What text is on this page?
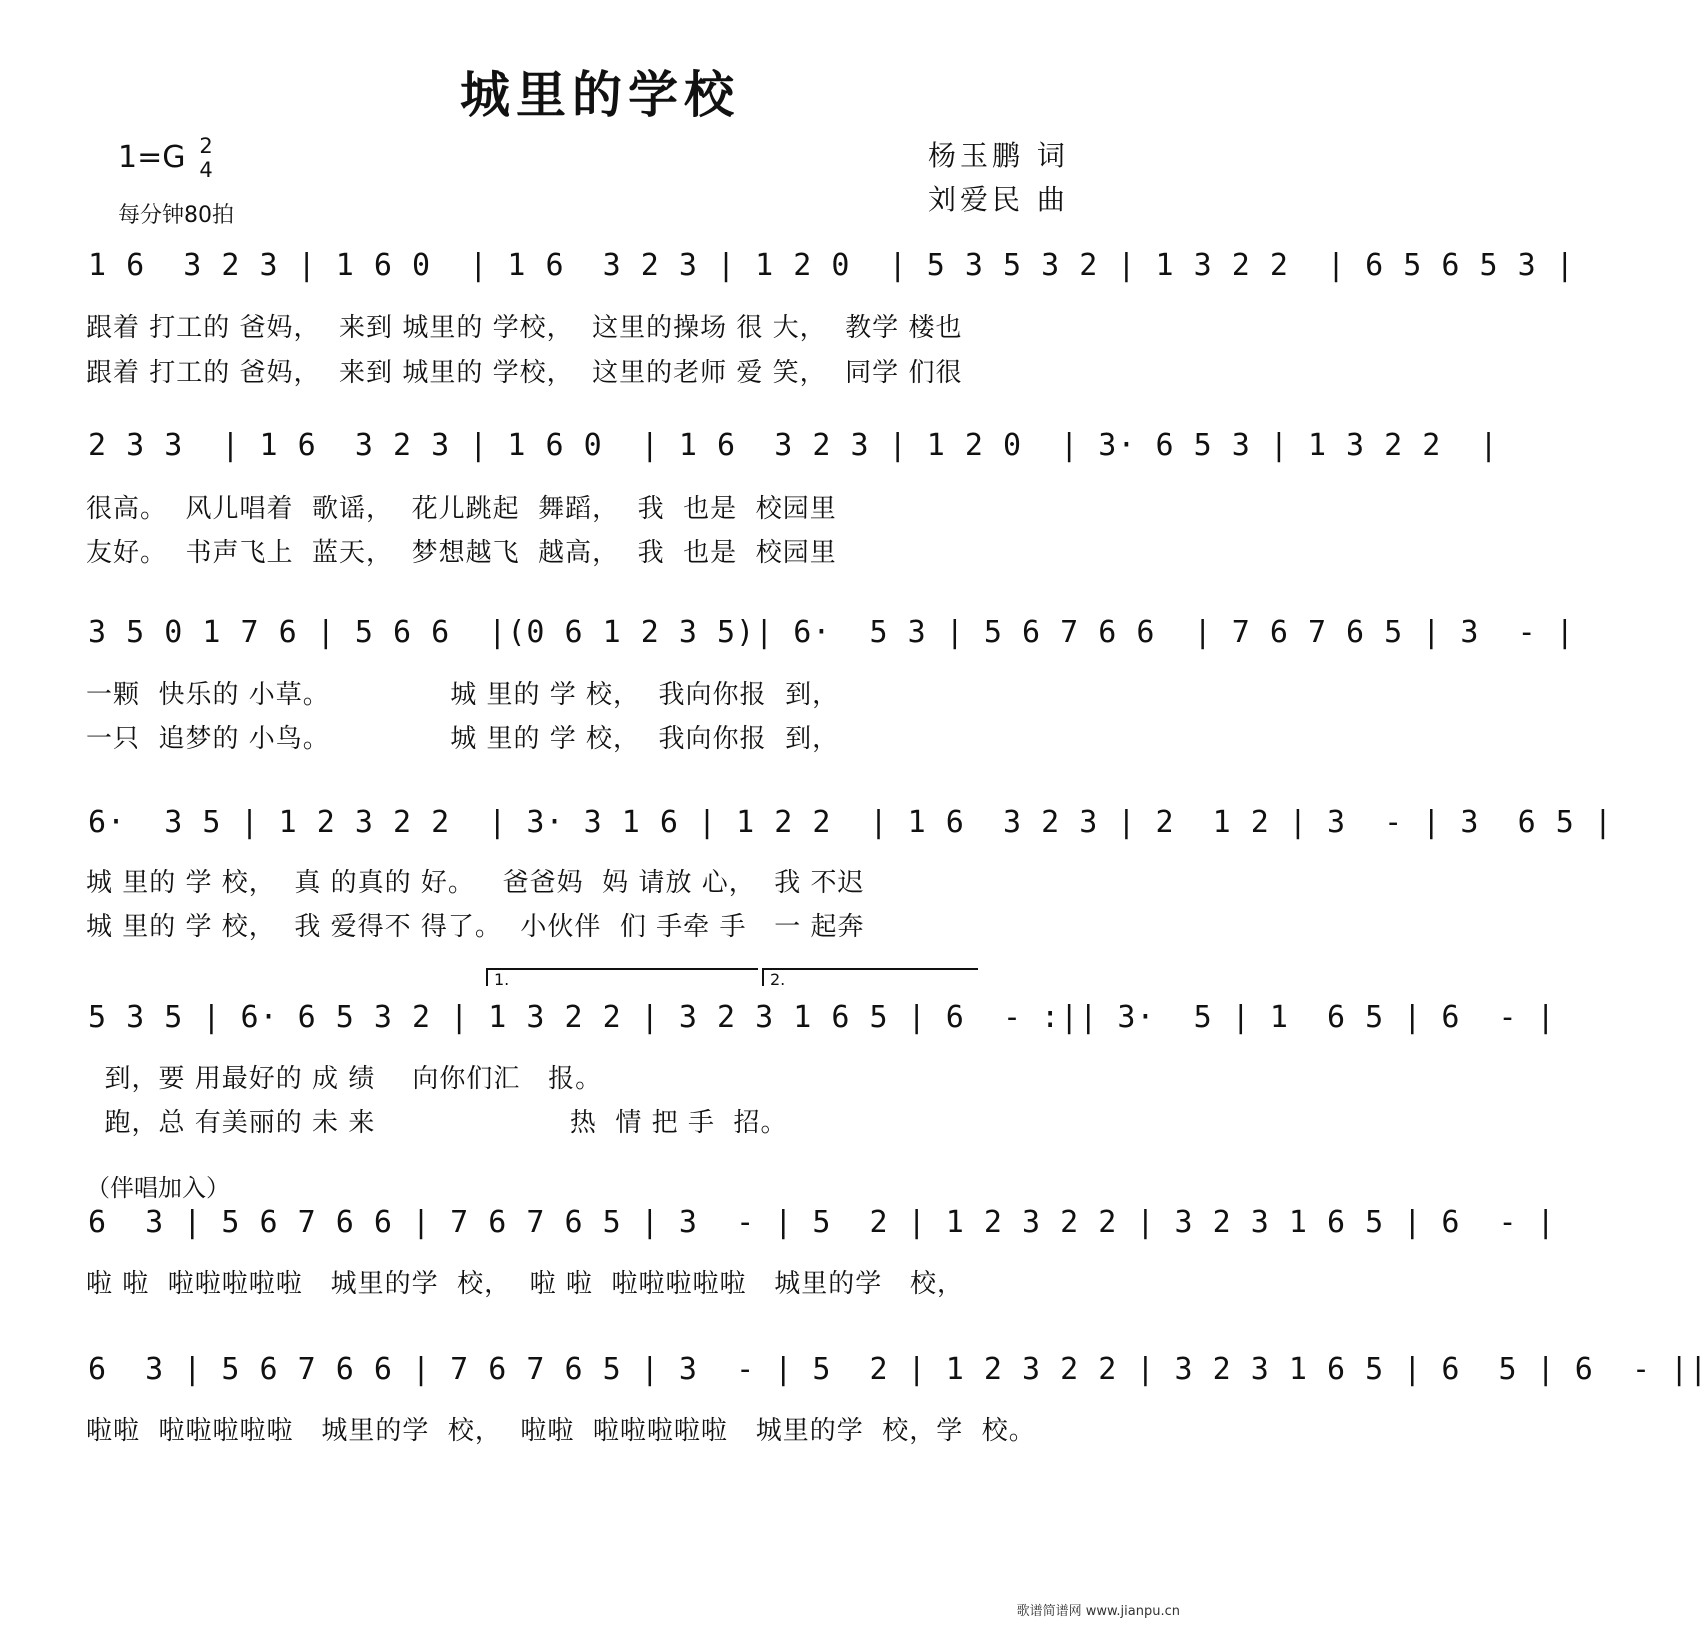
城里的学校
1=G 2
4
每分钟80拍
杨玉鹏 词
刘爱民 曲
1 6  3 2 3 | 1 6 0  | 1 6  3 2 3 | 1 2 0  | 5 3 5 3 2 | 1 3 2 2  | 6 5 6 5 3 |
跟着 打工的 爸妈，  来到 城里的 学校，  这里的操场 很 大，  教学 楼也
跟着 打工的 爸妈，  来到 城里的 学校，  这里的老师 爱 笑，  同学 们很
2 3 3  | 1 6  3 2 3 | 1 6 0  | 1 6  3 2 3 | 1 2 0  | 3· 6 5 3 | 1 3 2 2  |
很高。  风儿唱着  歌谣，  花儿跳起  舞蹈，  我  也是  校园里
友好。  书声飞上  蓝天，  梦想越飞  越高，  我  也是  校园里
3 5 0 1 7 6 | 5 6 6  |(0 6 1 2 3 5)| 6·  5 3 | 5 6 7 6 6  | 7 6 7 6 5 | 3  - |
一颗  快乐的 小草。             城 里的 学 校，  我向你报  到，
一只  追梦的 小鸟。             城 里的 学 校，  我向你报  到，
6·  3 5 | 1 2 3 2 2  | 3· 3 1 6 | 1 2 2  | 1 6  3 2 3 | 2  1 2 | 3  - | 3  6 5 |
城 里的 学 校，  真 的真的 好。   爸爸妈  妈 请放 心，  我 不迟
城 里的 学 校，  我 爱得不 得了。  小伙伴  们 手牵 手   一 起奔
1.	2.
5 3 5 | 6· 6 5 3 2 | 1 3 2 2 | 3 2 3 1 6 5 | 6  - :|| 3·  5 | 1  6 5 | 6  - |
到，要 用最好的 成 绩    向你们汇   报。
跑，总 有美丽的 未 来                     热  情 把 手  招。
（伴唱加入）
6  3 | 5 6 7 6 6 | 7 6 7 6 5 | 3  - | 5  2 | 1 2 3 2 2 | 3 2 3 1 6 5 | 6  - |
啦 啦  啦啦啦啦啦   城里的学  校，  啦 啦  啦啦啦啦啦   城里的学   校，
6  3 | 5 6 7 6 6 | 7 6 7 6 5 | 3  - | 5  2 | 1 2 3 2 2 | 3 2 3 1 6 5 | 6  5 | 6  - ||
啦啦  啦啦啦啦啦   城里的学  校，  啦啦  啦啦啦啦啦   城里的学  校，学  校。
歌谱简谱网 www.jianpu.cn
